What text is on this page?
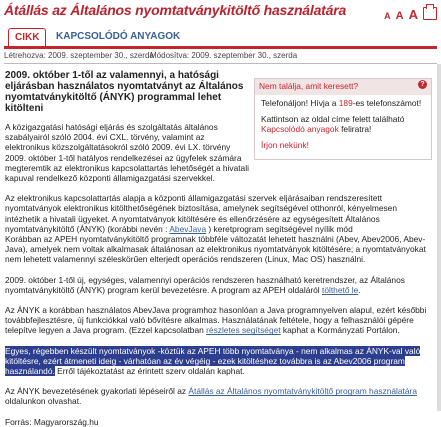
Átállás az Általános nyomtatványkitöltő használatára	A A A
CIKK	KAPCSOLÓDÓ ANYAGOK
Létrehozva: 2009. szeptember 30., szerda
Módosítva: 2009. szeptember 30., szerda
Nem találja, amit keresett?	?

Telefonáljon! Hívja a 189-es telefonszámot!

Kattintson az oldal címe felett található Kapcsolódó anyagok feliratra!

Írjon nekünk!

2009. október 1-től az valamennyi, a hatósági eljárásban használatos nyomtatványt az Általános nyomtatványkitöltő (ÁNYK) programmal lehet kitölteni

A közigazgatási hatósági eljárás és szolgáltatás általános szabályairól szóló 2004. évi CXL. törvény, valamint az elektronikus közszolgáltatásokról szóló 2009. évi LX. törvény 2009. október 1-től hatályos rendelkezései az ügyfelek számára megteremtik az elektronikus kapcsolattartás lehetőségét a hivatali kapuval rendelkező központi államigazgatási szervekkel.

Az elektronikus kapcsolattartás alapja a központi államigazgatási szervek eljárásaiban rendszeresített nyomtatványok elektronikus kitölthetőségének biztosítása, amelynek segítségével otthonról, kényelmesen intézhetik a hivatali ügyeket. A nyomtatványok kitöltésére és ellenőrzésére az egységesített Általános nyomtatványkitöltő (ÁNYK) (korábbi nevén : AbevJava ) keretprogram segítségével nyílik mód

Korábban az APEH nyomtatványkitöltő programnak többféle változatát lehetett használni (Abev, Abev2006, Abev-Java), amelyek nem voltak alkalmasak általánosan az elektronikus nyomtatványok kitöltésére; a nyomtatványokat nem lehetett valamennyi széleskörűen elterjedt operációs rendszeren (Linux, Mac OS) használni.

2009. október 1-től új, egységes, valamennyi operációs rendszeren használható keretrendszer, az Általános nyomtatványkitöltő (ÁNYK) program kerül bevezetésre. A program az APEH oldaláról tölthető le.

Az ÁNYK a korábban használatos AbevJava programhoz hasonlóan a Java programnyelven alapul, ezért későbbi továbbfejlesztésre, új funkciókkal való bővítésre alkalmas. Használatának feltétele, hogy a felhasználói gépére telepítve legyen a Java program. (Ezzel kapcsolatban részletes segítséget kaphat a Kormányzati Portálon.

Egyes, régebben készült nyomtatványok -köztük az APEH több nyomtatványa - nem alkalmas az ÁNYK-val való kitöltésre, ezért átmeneti ideig - várhatóan az év végéig - ezek kitöltéshez továbbra is az Abev2006 program használandó. Erről tájékoztatást az érintett szerv oldalán kaphat.

Az ÁNYK bevezetésének gyakorlati lépéseiről az Átállás az Általános nyomtatványkitöltő program használatára oldalunkon olvashat.

Forrás: Magyarország.hu
